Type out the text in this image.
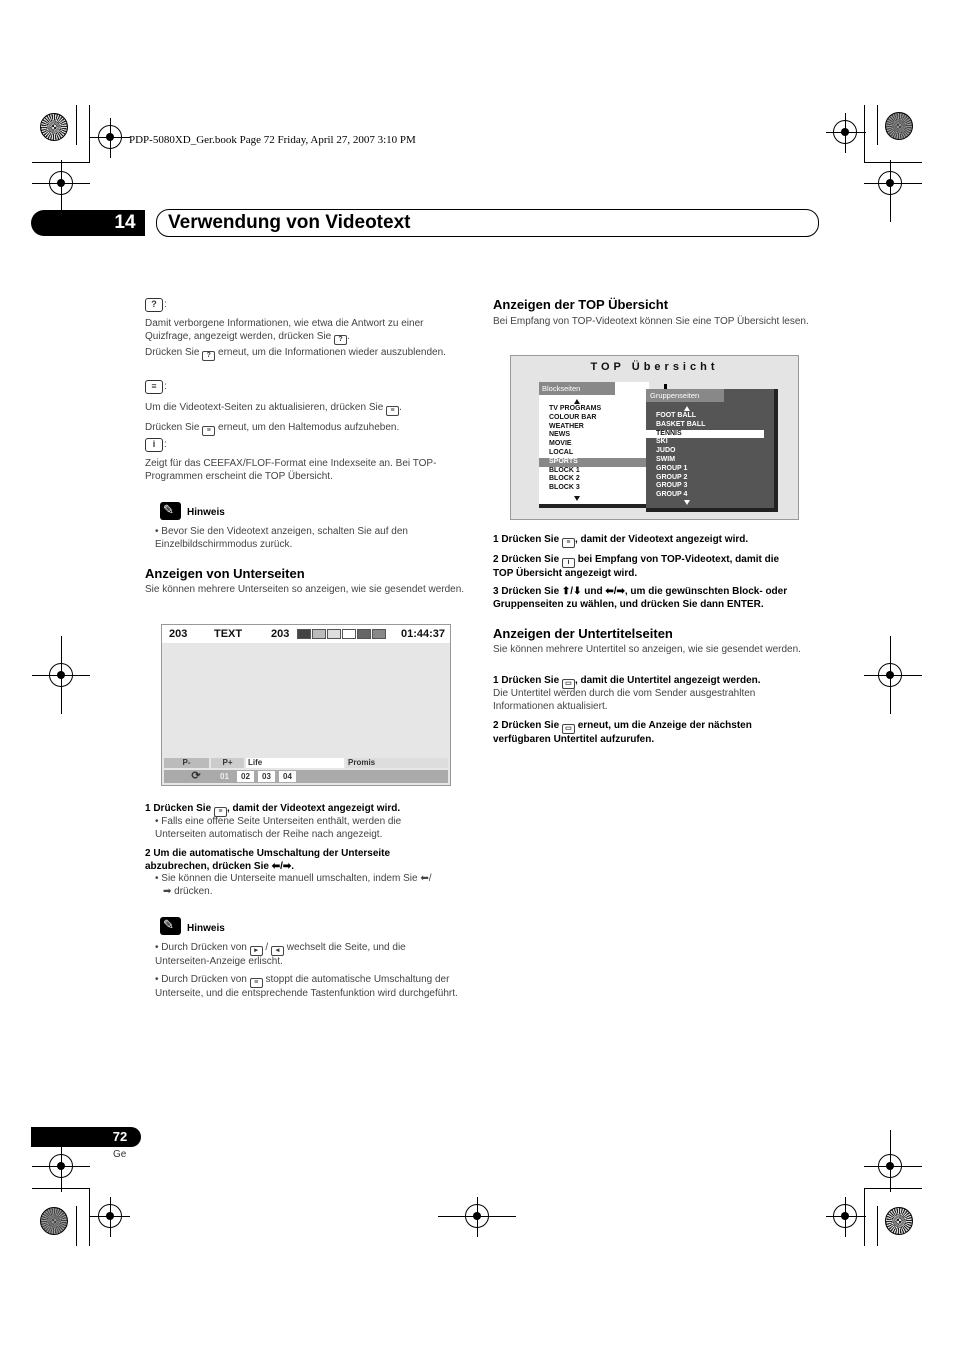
PDP-5080XD_Ger.book Page 72 Friday, April 27, 2007 3:10 PM
14	Verwendung von Videotext
? :
Damit verborgene Informationen, wie etwa die Antwort zu einer Quizfrage, angezeigt werden, drücken Sie ? .
Drücken Sie ? erneut, um die Informationen wieder auszublenden.
≡ :
Um die Videotext-Seiten zu aktualisieren, drücken Sie ≡ .
Drücken Sie ≡ erneut, um den Haltemodus aufzuheben.
i :
Zeigt für das CEEFAX/FLOF-Format eine Indexseite an. Bei TOP-Programmen erscheint die TOP Übersicht.
✎
Hinweis
• Bevor Sie den Videotext anzeigen, schalten Sie auf den Einzelbildschirmmodus zurück.
Anzeigen von Unterseiten
Sie können mehrere Unterseiten so anzeigen, wie sie gesendet werden.
203 TEXT	203	01:44:37
P-	P+	Life	Promis
⟳	01	02	03	04
1 Drücken Sie ≡ , damit der Videotext angezeigt wird.
• Falls eine offene Seite Unterseiten enthält, werden die Unterseiten automatisch der Reihe nach angezeigt.
2 Um die automatische Umschaltung der Unterseite
abzubrechen, drücken Sie ⬅/➡.
• Sie können die Unterseite manuell umschalten, indem Sie ⬅/
➡ drücken.
✎
Hinweis
• Durch Drücken von ▸ / ◂ wechselt die Seite, und die Unterseiten-Anzeige erlischt.
• Durch Drücken von ≡ stoppt die automatische Umschaltung der Unterseite, und die entsprechende Tastenfunktion wird durchgeführt.
Anzeigen der TOP Übersicht
Bei Empfang von TOP-Videotext können Sie eine TOP Übersicht lesen.
TOP Übersicht
Blockseiten
TV PROGRAMS
COLOUR BAR
WEATHER
NEWS
MOVIE
LOCAL
SPORTS
BLOCK 1
BLOCK 2
BLOCK 3
Gruppenseiten
FOOT BALL
BASKET BALL
TENNIS
SKI
JUDO
SWIM
GROUP 1
GROUP 2
GROUP 3
GROUP 4
1 Drücken Sie ≡ , damit der Videotext angezeigt wird.
2 Drücken Sie i bei Empfang von TOP-Videotext, damit die
TOP Übersicht angezeigt wird.
3 Drücken Sie ⬆/⬇ und ⬅/➡, um die gewünschten Block- oder
Gruppenseiten zu wählen, und drücken Sie dann ENTER.
Anzeigen der Untertitelseiten
Sie können mehrere Untertitel so anzeigen, wie sie gesendet werden.
1 Drücken Sie ▭ , damit die Untertitel angezeigt werden.
Die Untertitel werden durch die vom Sender ausgestrahlten Informationen aktualisiert.
2 Drücken Sie ▭ erneut, um die Anzeige der nächsten
verfügbaren Untertitel aufzurufen.
72
Ge
